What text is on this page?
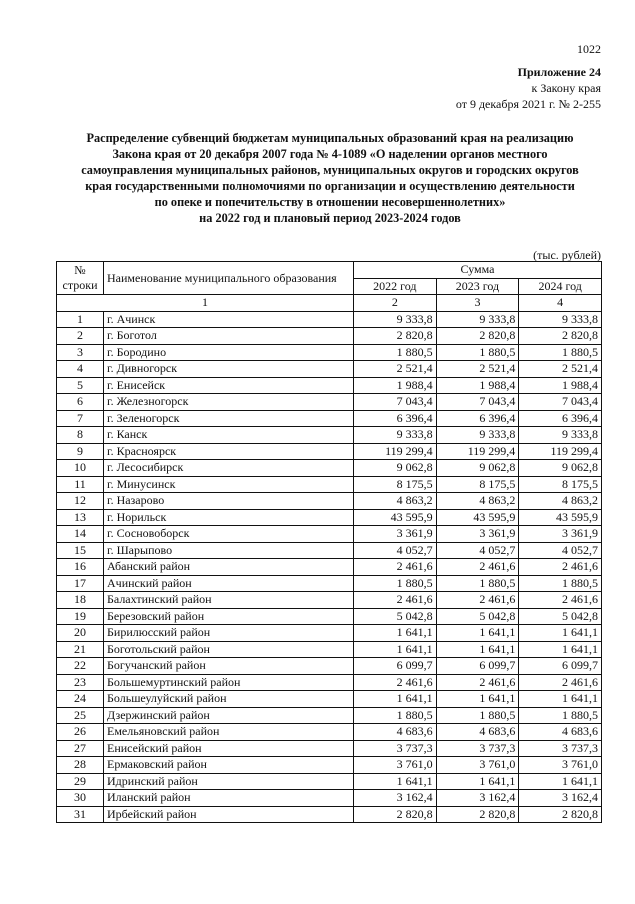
1022
Приложение 24
к Закону края
от 9 декабря 2021 г. № 2-255
Распределение субвенций бюджетам муниципальных образований края на реализацию
Закона края от 20 декабря 2007 года № 4-1089 «О наделении органов местного
самоуправления муниципальных районов, муниципальных округов и городских округов
края государственными полномочиями по организации и осуществлению деятельности
по опеке и попечительству в отношении несовершеннолетних»
на 2022 год и плановый период 2023-2024 годов
(тыс. рублей)
№
строки	Наименование муниципального образования	Сумма		
		2022 год	2023 год	2024 год
1		2	3	4
1	г. Ачинск	9 333,8	9 333,8	9 333,8
2	г. Боготол	2 820,8	2 820,8	2 820,8
3	г. Бородино	1 880,5	1 880,5	1 880,5
4	г. Дивногорск	2 521,4	2 521,4	2 521,4
5	г. Енисейск	1 988,4	1 988,4	1 988,4
6	г. Железногорск	7 043,4	7 043,4	7 043,4
7	г. Зеленогорск	6 396,4	6 396,4	6 396,4
8	г. Канск	9 333,8	9 333,8	9 333,8
9	г. Красноярск	119 299,4	119 299,4	119 299,4
10	г. Лесосибирск	9 062,8	9 062,8	9 062,8
11	г. Минусинск	8 175,5	8 175,5	8 175,5
12	г. Назарово	4 863,2	4 863,2	4 863,2
13	г. Норильск	43 595,9	43 595,9	43 595,9
14	г. Сосновоборск	3 361,9	3 361,9	3 361,9
15	г. Шарыпово	4 052,7	4 052,7	4 052,7
16	Абанский район	2 461,6	2 461,6	2 461,6
17	Ачинский район	1 880,5	1 880,5	1 880,5
18	Балахтинский район	2 461,6	2 461,6	2 461,6
19	Березовский район	5 042,8	5 042,8	5 042,8
20	Бирилюсский район	1 641,1	1 641,1	1 641,1
21	Боготольский район	1 641,1	1 641,1	1 641,1
22	Богучанский район	6 099,7	6 099,7	6 099,7
23	Большемуртинский район	2 461,6	2 461,6	2 461,6
24	Большеулуйский район	1 641,1	1 641,1	1 641,1
25	Дзержинский район	1 880,5	1 880,5	1 880,5
26	Емельяновский район	4 683,6	4 683,6	4 683,6
27	Енисейский район	3 737,3	3 737,3	3 737,3
28	Ермаковский район	3 761,0	3 761,0	3 761,0
29	Идринский район	1 641,1	1 641,1	1 641,1
30	Иланский район	3 162,4	3 162,4	3 162,4
31	Ирбейский район	2 820,8	2 820,8	2 820,8
